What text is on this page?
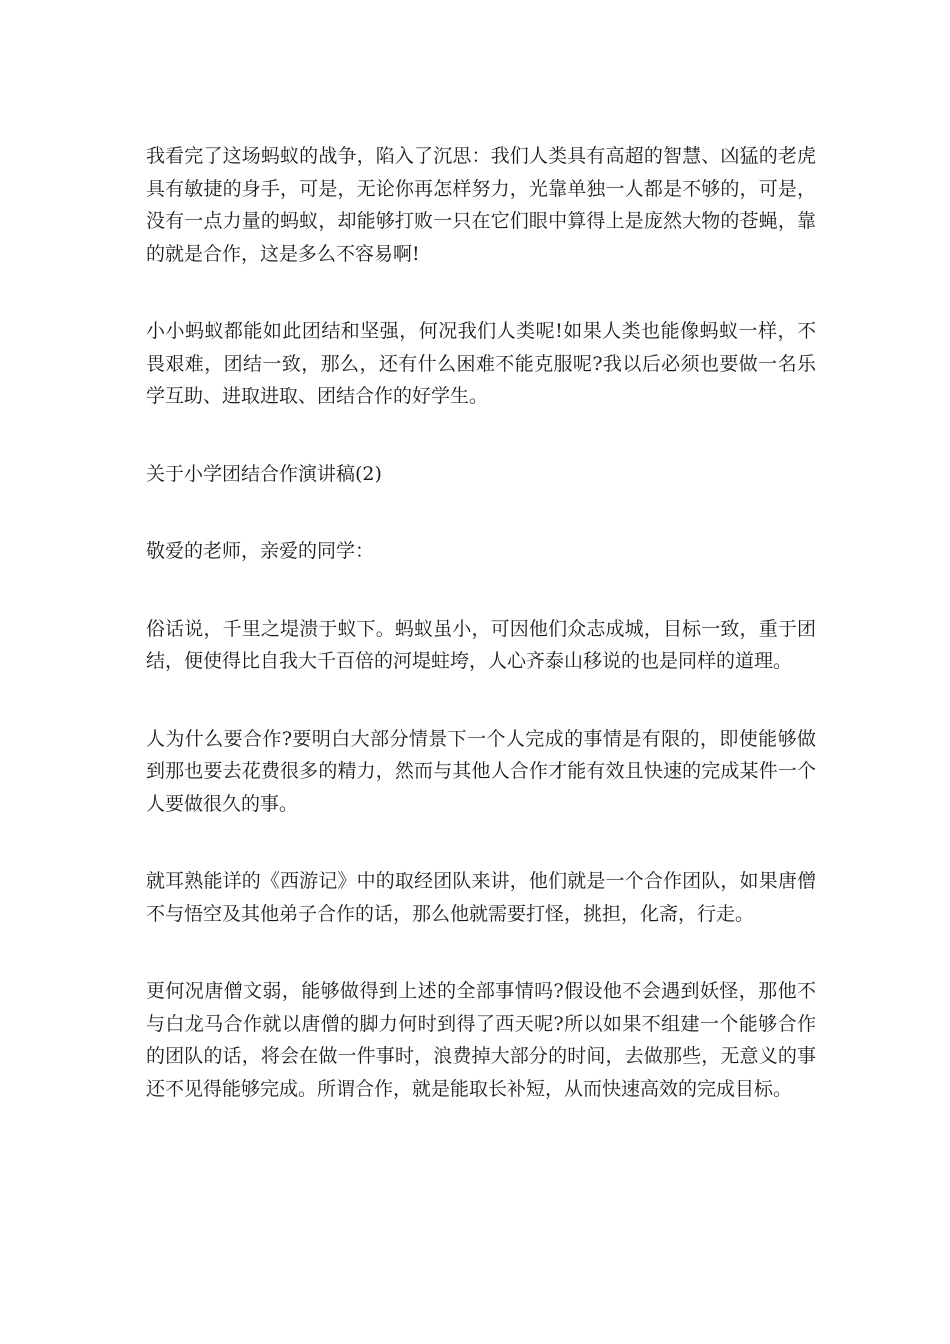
我看完了这场蚂蚁的战争，陷入了沉思：我们人类具有高超的智慧、凶猛的老虎具有敏捷的身手，可是，无论你再怎样努力，光靠单独一人都是不够的，可是，没有一点力量的蚂蚁，却能够打败一只在它们眼中算得上是庞然大物的苍蝇，靠的就是合作，这是多么不容易啊!

小小蚂蚁都能如此团结和坚强，何况我们人类呢!如果人类也能像蚂蚁一样，不畏艰难，团结一致，那么，还有什么困难不能克服呢?我以后必须也要做一名乐学互助、进取进取、团结合作的好学生。

关于小学团结合作演讲稿(2)

敬爱的老师，亲爱的同学：

俗话说，千里之堤溃于蚁下。蚂蚁虽小，可因他们众志成城，目标一致，重于团结，便使得比自我大千百倍的河堤蛀垮，人心齐泰山移说的也是同样的道理。

人为什么要合作?要明白大部分情景下一个人完成的事情是有限的，即使能够做到那也要去花费很多的精力，然而与其他人合作才能有效且快速的完成某件一个人要做很久的事。

就耳熟能详的《西游记》中的取经团队来讲，他们就是一个合作团队，如果唐僧不与悟空及其他弟子合作的话，那么他就需要打怪，挑担，化斋，行走。

更何况唐僧文弱，能够做得到上述的全部事情吗?假设他不会遇到妖怪，那他不与白龙马合作就以唐僧的脚力何时到得了西天呢?所以如果不组建一个能够合作的团队的话，将会在做一件事时，浪费掉大部分的时间，去做那些，无意义的事还不见得能够完成。所谓合作，就是能取长补短，从而快速高效的完成目标。
